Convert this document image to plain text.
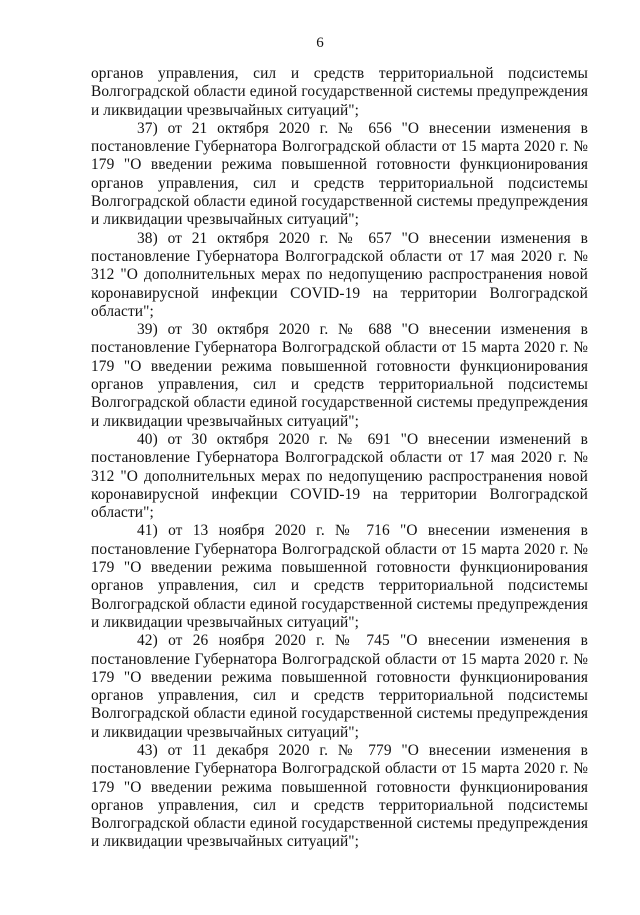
6

органов управления, сил и средств территориальной подсистемы Волгоградской области единой государственной системы предупреждения и ликвидации чрезвычайных ситуаций";

37) от 21 октября 2020 г. № 656 "О внесении изменения в постановление Губернатора Волгоградской области от 15 марта 2020 г. № 179 "О введении режима повышенной готовности функционирования органов управления, сил и средств территориальной подсистемы Волгоградской области единой государственной системы предупреждения и ликвидации чрезвычайных ситуаций";

38) от 21 октября 2020 г. № 657 "О внесении изменения в постановление Губернатора Волгоградской области от 17 мая 2020 г. № 312 "О дополнительных мерах по недопущению распространения новой коронавирусной инфекции COVID-19 на территории Волгоградской области";

39) от 30 октября 2020 г. № 688 "О внесении изменения в постановление Губернатора Волгоградской области от 15 марта 2020 г. № 179 "О введении режима повышенной готовности функционирования органов управления, сил и средств территориальной подсистемы Волгоградской области единой государственной системы предупреждения и ликвидации чрезвычайных ситуаций";

40) от 30 октября 2020 г. № 691 "О внесении изменений в постановление Губернатора Волгоградской области от 17 мая 2020 г. № 312 "О дополнительных мерах по недопущению распространения новой коронавирусной инфекции COVID-19 на территории Волгоградской области";

41) от 13 ноября 2020 г. № 716 "О внесении изменения в постановление Губернатора Волгоградской области от 15 марта 2020 г. № 179 "О введении режима повышенной готовности функционирования органов управления, сил и средств территориальной подсистемы Волгоградской области единой государственной системы предупреждения и ликвидации чрезвычайных ситуаций";

42) от 26 ноября 2020 г. № 745 "О внесении изменения в постановление Губернатора Волгоградской области от 15 марта 2020 г. № 179 "О введении режима повышенной готовности функционирования органов управления, сил и средств территориальной подсистемы Волгоградской области единой государственной системы предупреждения и ликвидации чрезвычайных ситуаций";

43) от 11 декабря 2020 г. № 779 "О внесении изменения в постановление Губернатора Волгоградской области от 15 марта 2020 г. № 179 "О введении режима повышенной готовности функционирования органов управления, сил и средств территориальной подсистемы Волгоградской области единой государственной системы предупреждения и ликвидации чрезвычайных ситуаций";
